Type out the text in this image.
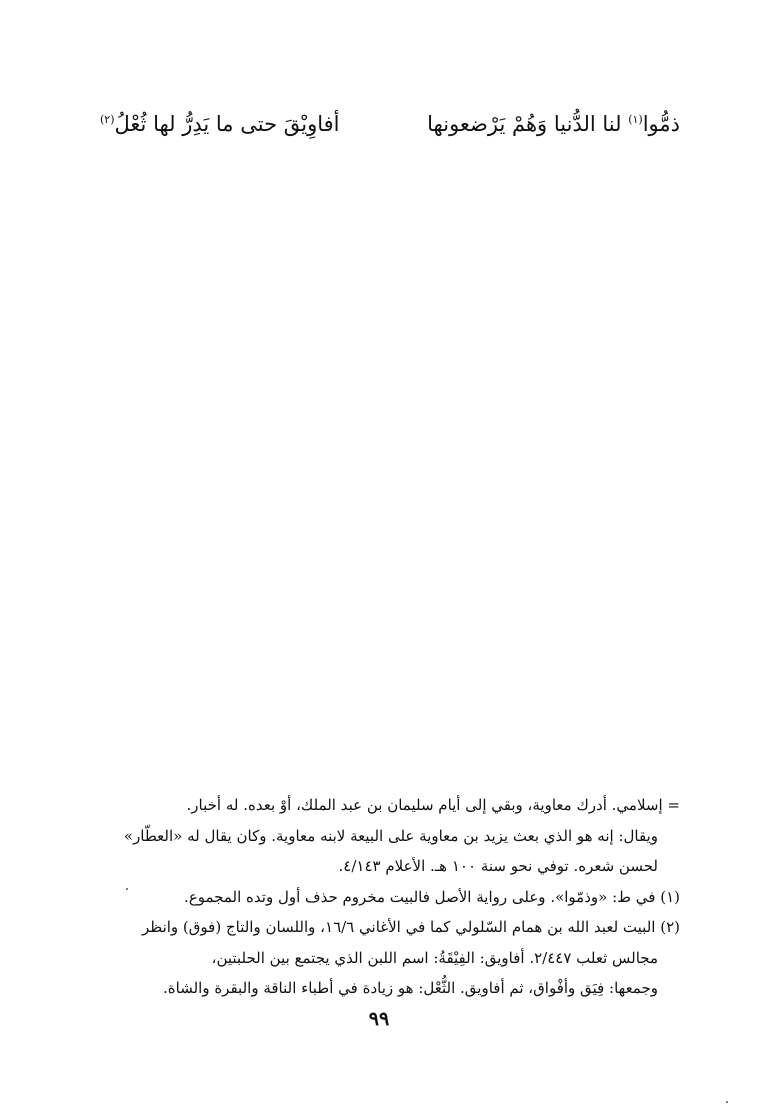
ذمُّوا$^{(١)}$ لنا الدُّنيا وَهُمْ يَرْضعونها
أفاوِيْقَ حتى ما يَدِرُّ لها ثُعْلُ$^{(٢)}$
= إسلامي. أدرك معاوية، وبقي إلى أيام سليمان بن عبد الملك، أوْ بعده. له أخبار.
ويقال: إنه هو الذي بعث يزيد بن معاوية على البيعة لابنه معاوية. وكان يقال له «العطّار»
لحسن شعره. توفي نحو سنة ١٠٠ هـ. الأعلام ٤/١٤٣.
(١) في ط: «وذمّوا». وعلى رواية الأصل فالبيت مخروم حذف أول وتده المجموع.
(٢) البيت لعبد الله بن همام السّلولي كما في الأغاني ١٦/٦، واللسان والتاج (فوق) وانظر
مجالس ثعلب ٢/٤٤٧. أفاويق: الفِيْقَةُ: اسم اللبن الذي يجتمع بين الحلبتين،
وجمعها: فِيَق وأفْواق، ثم أفاويق. الثُّعْل: هو زيادة في أطباء الناقة والبقرة والشاة.
٩٩
